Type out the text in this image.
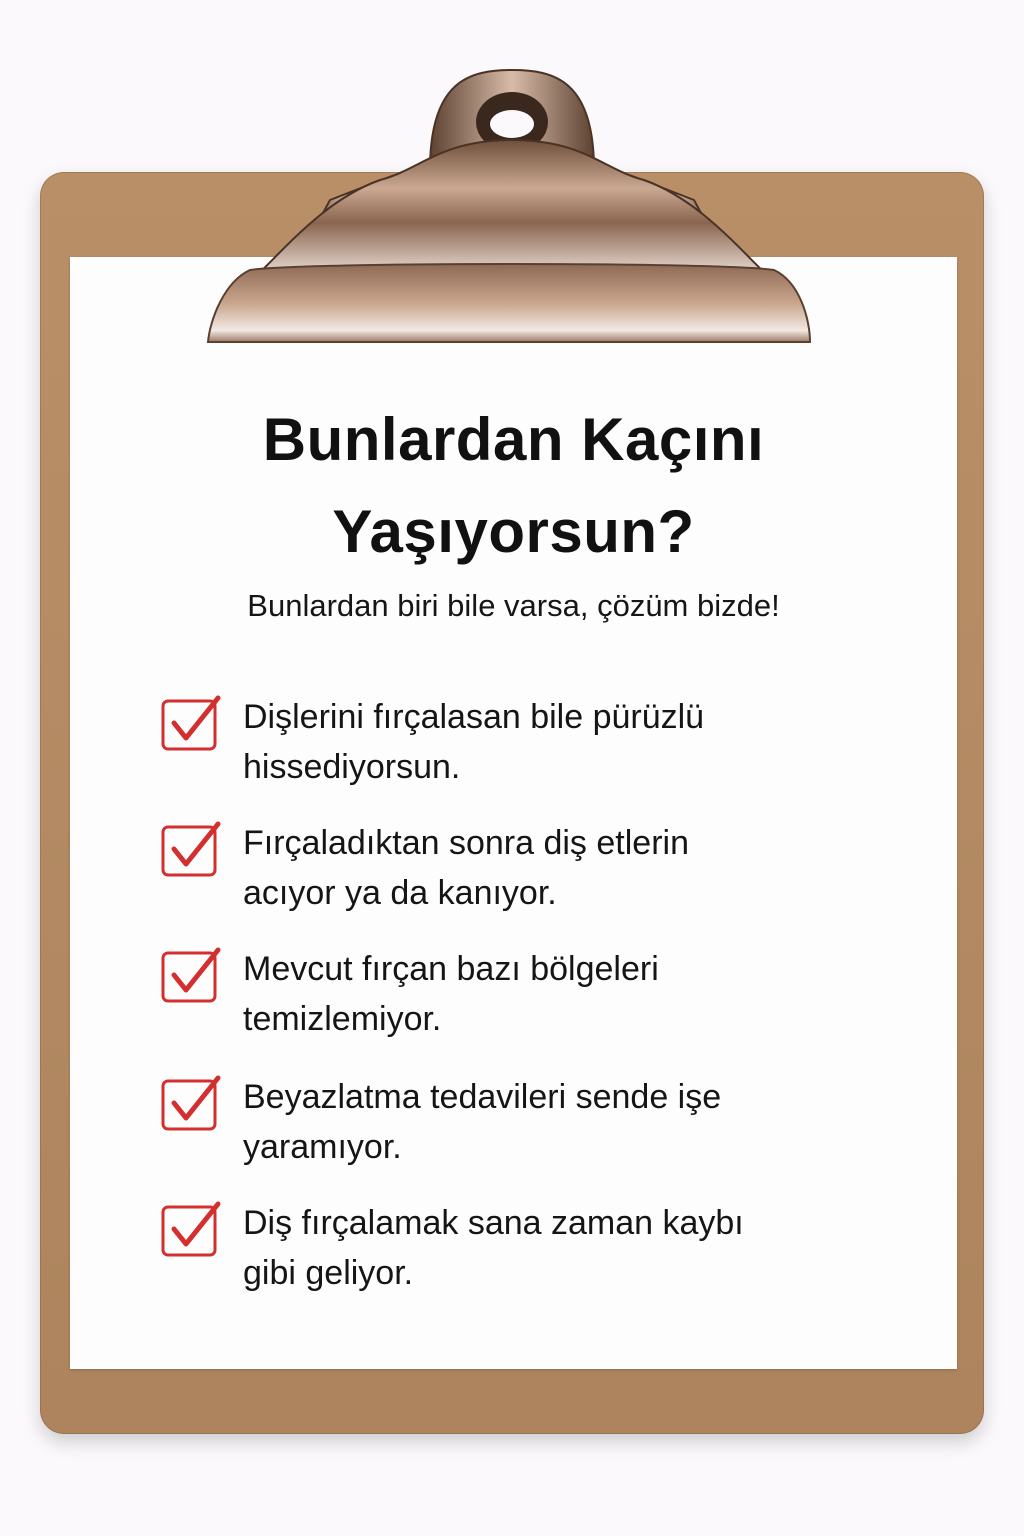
Bunlardan Kaçını
Yaşıyorsun?
Bunlardan biri bile varsa, çözüm bizde!
Dişlerini fırçalasan bile pürüzlü
hissediyorsun.
Fırçaladıktan sonra diş etlerin
acıyor ya da kanıyor.
Mevcut fırçan bazı bölgeleri
temizlemiyor.
Beyazlatma tedavileri sende işe
yaramıyor.
Diş fırçalamak sana zaman kaybı
gibi geliyor.
